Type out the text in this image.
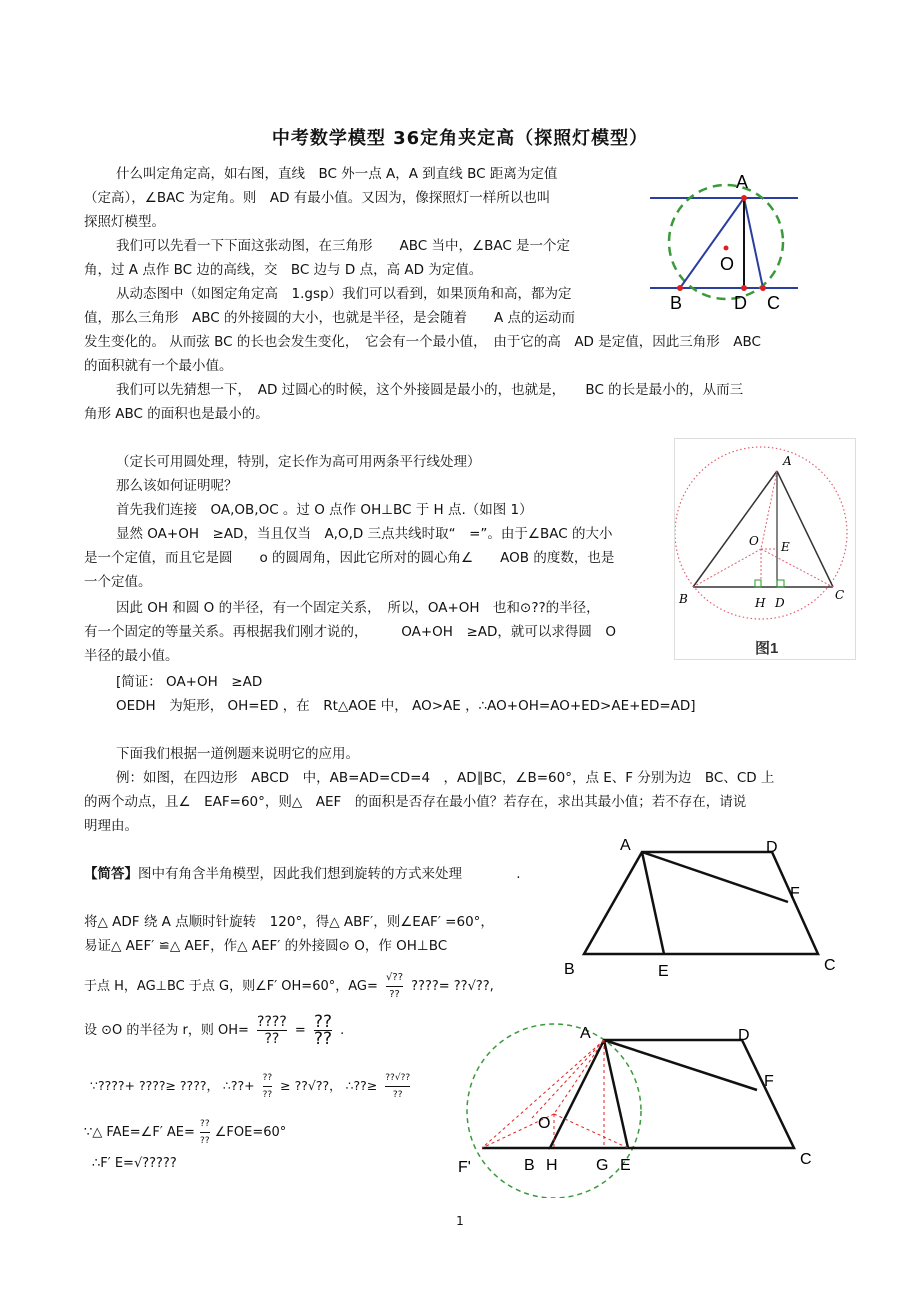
中考数学模型 36定角夹定高（探照灯模型）
什么叫定角定高，如右图，直线　BC 外一点 A，A 到直线 BC 距离为定值
（定高），∠BAC 为定角。则　AD 有最小值。又因为，像探照灯一样所以也叫
探照灯模型。
我们可以先看一下下面这张动图，在三角形　　ABC 当中，∠BAC 是一个定
角，过 A 点作 BC 边的高线，交　BC 边与 D 点，高 AD 为定值。
从动态图中（如图定角定高　1.gsp）我们可以看到，如果顶角和高，都为定
值，那么三角形　ABC 的外接圆的大小，也就是半径，是会随着　　A 点的运动而
发生变化的。 从而弦 BC 的长也会发生变化，　它会有一个最小值，　由于它的高　AD 是定值，因此三角形　ABC
的面积就有一个最小值。
我们可以先猜想一下，　AD 过圆心的时候，这个外接圆是最小的，也就是，　　BC 的长是最小的，从而三
角形 ABC 的面积也是最小的。
（定长可用圆处理，特别，定长作为高可用两条平行线处理）
那么该如何证明呢？
首先我们连接　OA,OB,OC 。过 O 点作 OH⊥BC 于 H 点.（如图 1）
显然 OA+OH　≥AD，当且仅当　A,O,D 三点共线时取“　=”。由于∠BAC 的大小
是一个定值，而且它是圆　　o 的圆周角，因此它所对的圆心角∠　　AOB 的度数，也是
一个定值。
因此 OH 和圆 O 的半径，有一个固定关系，　所以，OA+OH　也和⊙??的半径，
有一个固定的等量关系。再根据我们刚才说的，　　　OA+OH　≥AD，就可以求得圆　O
半径的最小值。
[简证： OA+OH　≥AD
OEDH　为矩形， OH=ED ，在　Rt△AOE 中， AO>AE ，∴AO+OH=AO+ED>AE+ED=AD]
下面我们根据一道例题来说明它的应用。
例：如图，在四边形　ABCD　中，AB=AD=CD=4　，AD∥BC，∠B=60°，点 E、F 分别为边　BC、CD 上
的两个动点，且∠　EAF=60°，则△　AEF　的面积是否存在最小值？若存在，求出其最小值；若不存在，请说
明理由。
【简答】图中有角含半角模型，因此我们想到旋转的方式来处理	.
将△ ADF 绕 A 点顺时针旋转　120°，得△ ABF′，则∠EAF′ =60°，
易证△ AEF′ ≌△ AEF，作△ AEF′ 的外接圆⊙ O，作 OH⊥BC
于点 H，AG⊥BC 于点 G，则∠F′ OH=60°，$AG= \frac{√??}{??}$ ????= ??√??,
设 ⊙O 的半径为 r，则 $OH= \frac{????}{??} = \frac{??}{??}$ .
∵????+ ????≥ ????， ∴??+ $\frac{??}{??}$ ≥ ??√??， ∴??≥ $\frac{??√??}{??}$
∵△ FAE=∠F′ $AE= \frac{??}{??}$ ∠FOE=60°
∴F′ E=√?????
A
O
B	D C
A
O E
B	H D
C
图1
A	D
F
B	E	C
A	D
F
O
F'	B H G E	C
1
